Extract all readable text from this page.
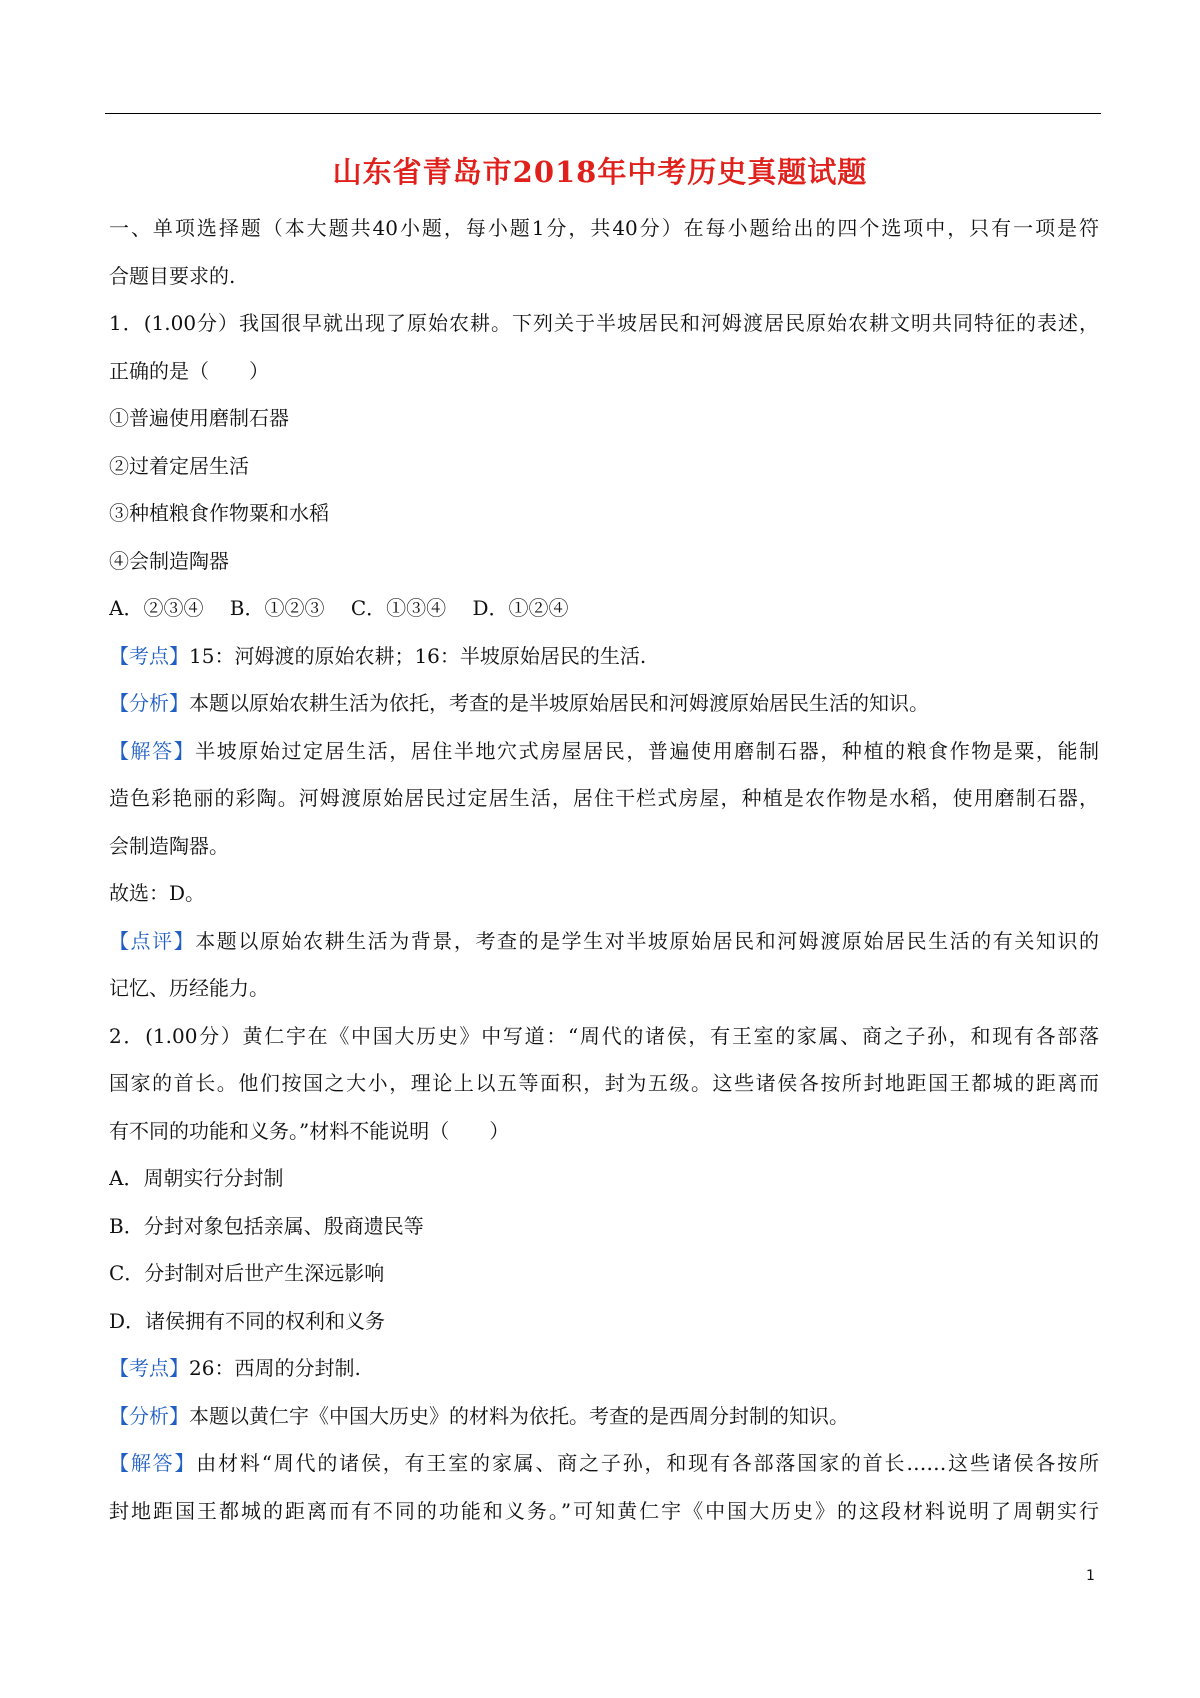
山东省青岛市2018年中考历史真题试题
一、单项选择题（本大题共40小题，每小题1分，共40分）在每小题给出的四个选项中，只有一项是符
合题目要求的.
1．(1.00分）我国很早就出现了原始农耕。下列关于半坡居民和河姆渡居民原始农耕文明共同特征的表述，
正确的是（　　）
①普遍使用磨制石器
②过着定居生活
③种植粮食作物粟和水稻
④会制造陶器
A．②③④　 B．①②③　 C．①③④　 D．①②④
【考点】15：河姆渡的原始农耕；16：半坡原始居民的生活.
【分析】本题以原始农耕生活为依托，考查的是半坡原始居民和河姆渡原始居民生活的知识。
【解答】半坡原始过定居生活，居住半地穴式房屋居民，普遍使用磨制石器，种植的粮食作物是粟，能制
造色彩艳丽的彩陶。河姆渡原始居民过定居生活，居住干栏式房屋，种植是农作物是水稻，使用磨制石器，
会制造陶器。
故选：D。
【点评】本题以原始农耕生活为背景，考查的是学生对半坡原始居民和河姆渡原始居民生活的有关知识的
记忆、历经能力。
2．(1.00分）黄仁宇在《中国大历史》中写道：“周代的诸侯，有王室的家属、商之子孙，和现有各部落
国家的首长。他们按国之大小，理论上以五等面积，封为五级。这些诸侯各按所封地距国王都城的距离而
有不同的功能和义务。”材料不能说明（　　）
A．周朝实行分封制
B．分封对象包括亲属、殷商遗民等
C．分封制对后世产生深远影响
D．诸侯拥有不同的权利和义务
【考点】26：西周的分封制.
【分析】本题以黄仁宇《中国大历史》的材料为依托。考查的是西周分封制的知识。
【解答】由材料“周代的诸侯，有王室的家属、商之子孙，和现有各部落国家的首长……这些诸侯各按所
封地距国王都城的距离而有不同的功能和义务。”可知黄仁宇《中国大历史》的这段材料说明了周朝实行
1
